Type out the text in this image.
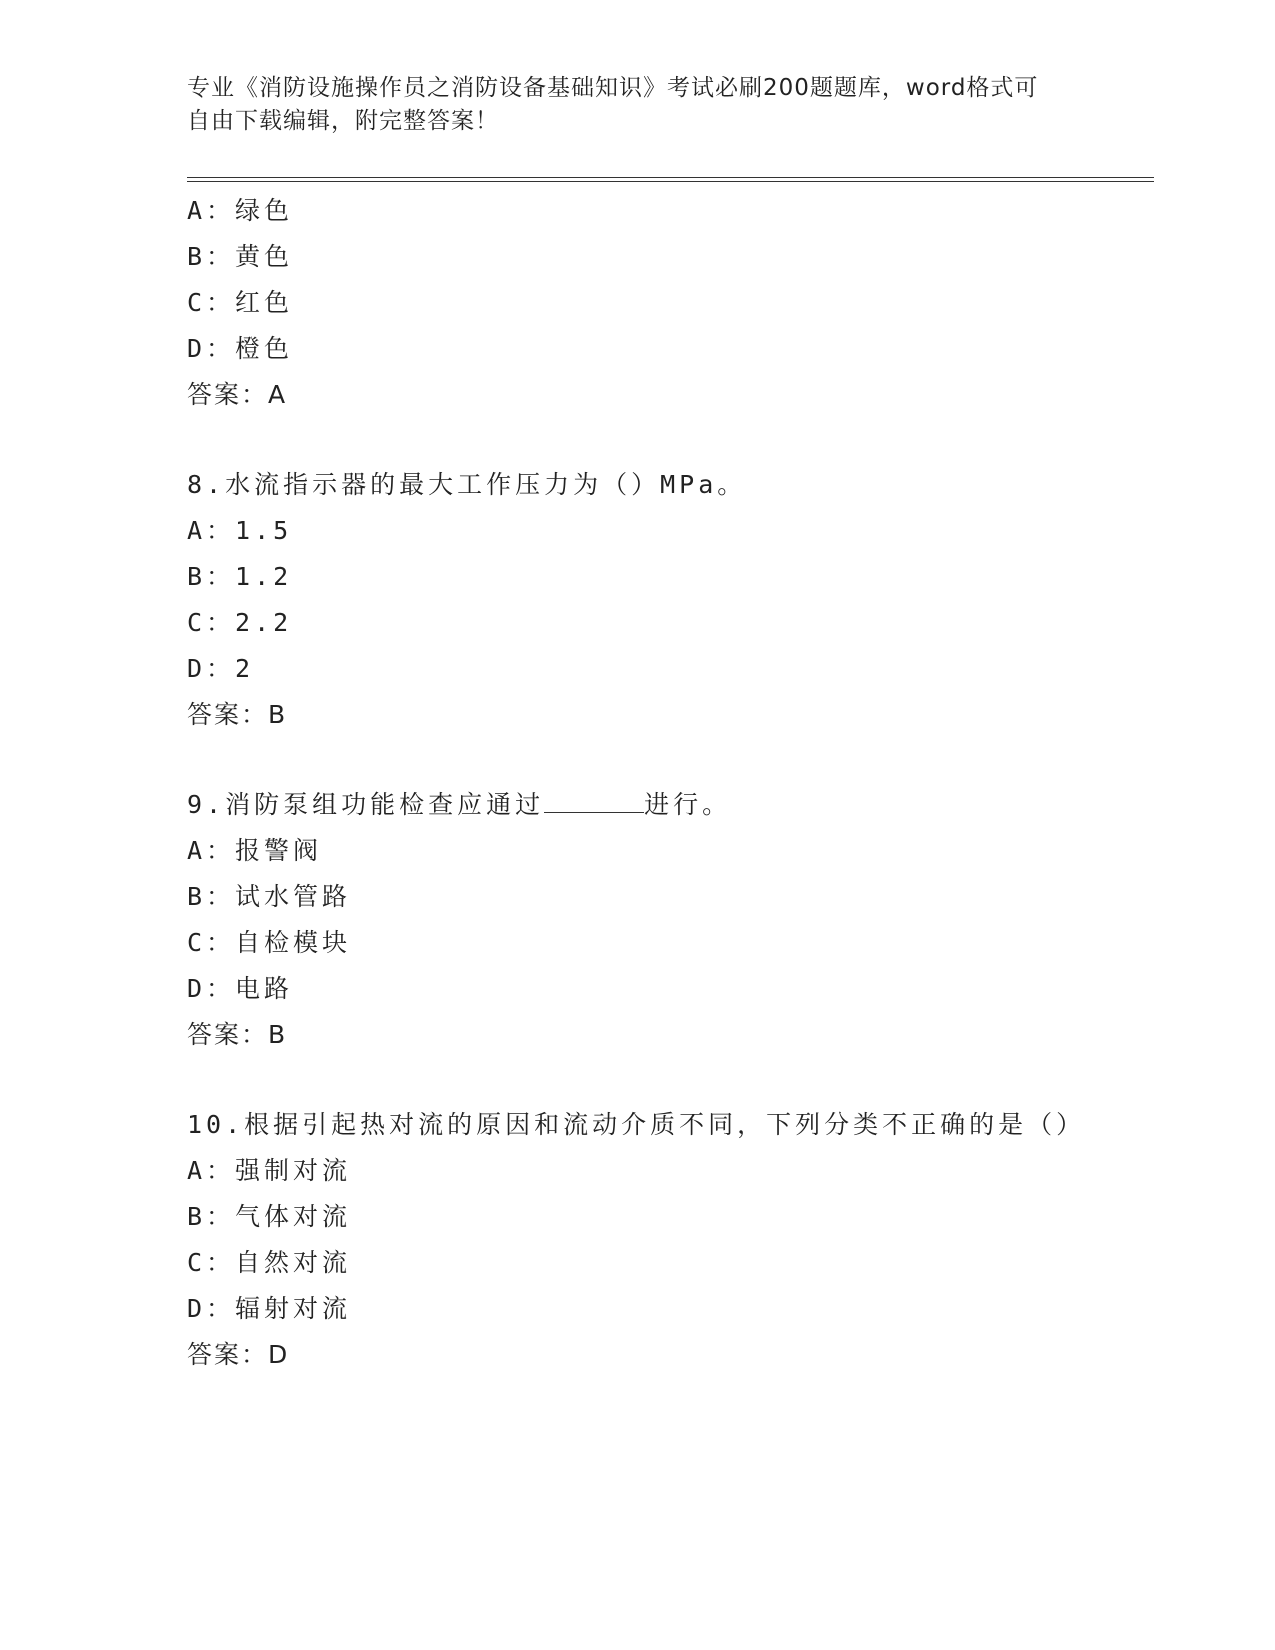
专业《消防设施操作员之消防设备基础知识》考试必刷200题题库，word格式可
自由下载编辑，附完整答案！
A：绿色
B：黄色
C：红色
D：橙色
答案：A
8.水流指示器的最大工作压力为（）MPa。
A：1.5
B：1.2
C：2.2
D：2
答案：B
9.消防泵组功能检查应通过	进行。
A：报警阀
B：试水管路
C：自检模块
D：电路
答案：B
10.根据引起热对流的原因和流动介质不同，下列分类不正确的是（）
A：强制对流
B：气体对流
C：自然对流
D：辐射对流
答案：D
